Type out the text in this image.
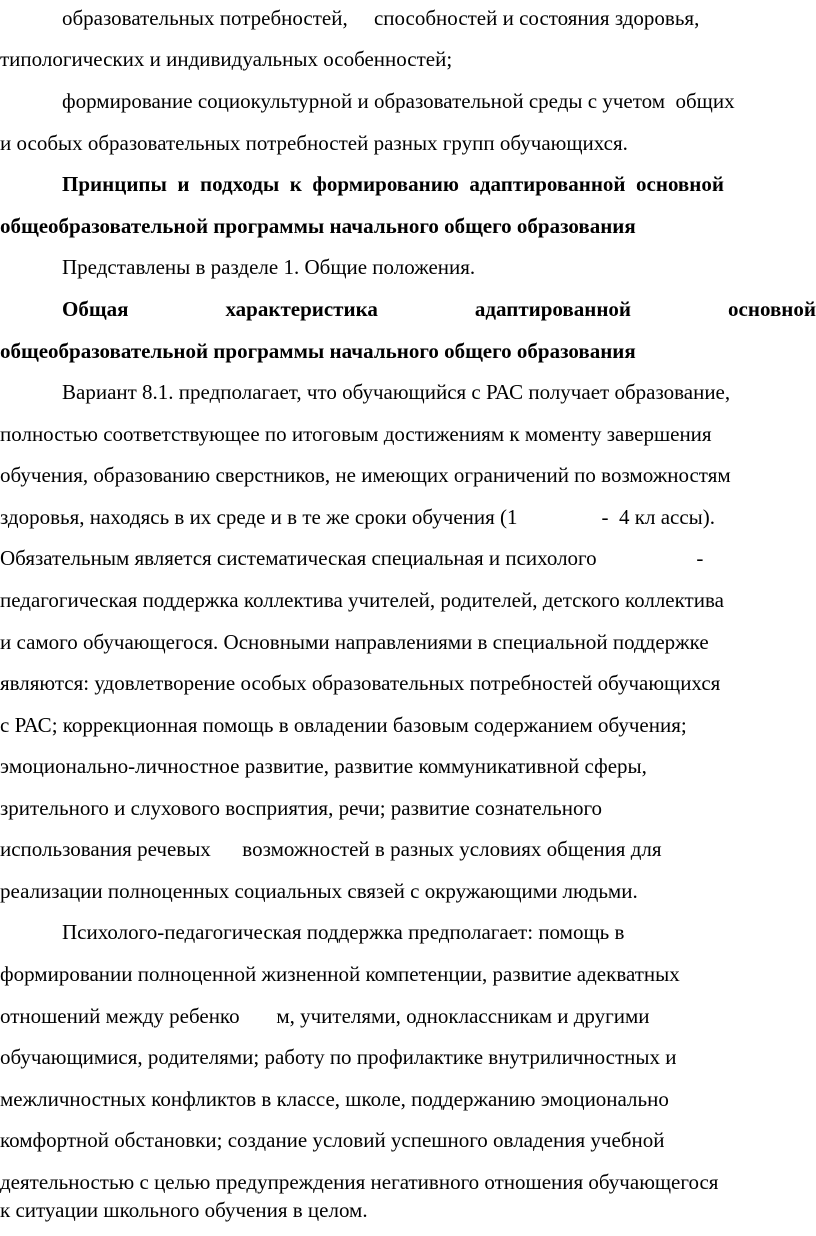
образовательных потребностей,     способностей и состояния здоровья,
типологических и индивидуальных особенностей;
формирование социокультурной и образовательной среды с учетом  общих
и особых образовательных потребностей разных групп обучающихся.
Принципы  и  подходы  к  формированию  адаптированной  основной
общеобразовательной программы начального общего образования
Представлены в разделе 1. Общие положения.
Общая	характеристика	адаптированной	основной
общеобразовательной программы начального общего образования
Вариант 8.1. предполагает, что обучающийся с РАС получает образование,
полностью соответствующее по итоговым достижениям к моменту завершения
обучения, образованию сверстников, не имеющих ограничений по возможностям
здоровья, находясь в их среде и в те же сроки обучения (1                -  4 кл ассы).
Обязательным является систематическая специальная и психолого                   -
педагогическая поддержка коллектива учителей, родителей, детского коллектива
и самого обучающегося. Основными направлениями в специальной поддержке
являются: удовлетворение особых образовательных потребностей обучающихся
с РАС; коррекционная помощь в овладении базовым содержанием обучения;
эмоционально-личностное развитие, развитие коммуникативной сферы,
зрительного и слухового восприятия, речи; развитие сознательного
использования речевых      возможностей в разных условиях общения для
реализации полноценных социальных связей с окружающими людьми.
Психолого-педагогическая поддержка предполагает: помощь в
формировании полноценной жизненной компетенции, развитие адекватных
отношений между ребенко       м, учителями, одноклассникам и другими
обучающимися, родителями; работу по профилактике внутриличностных и
межличностных конфликтов в классе, школе, поддержанию эмоционально
комфортной обстановки; создание условий успешного овладения учебной
деятельностью с целью предупреждения негативного отношения обучающегося
к ситуации школьного обучения в целом.
